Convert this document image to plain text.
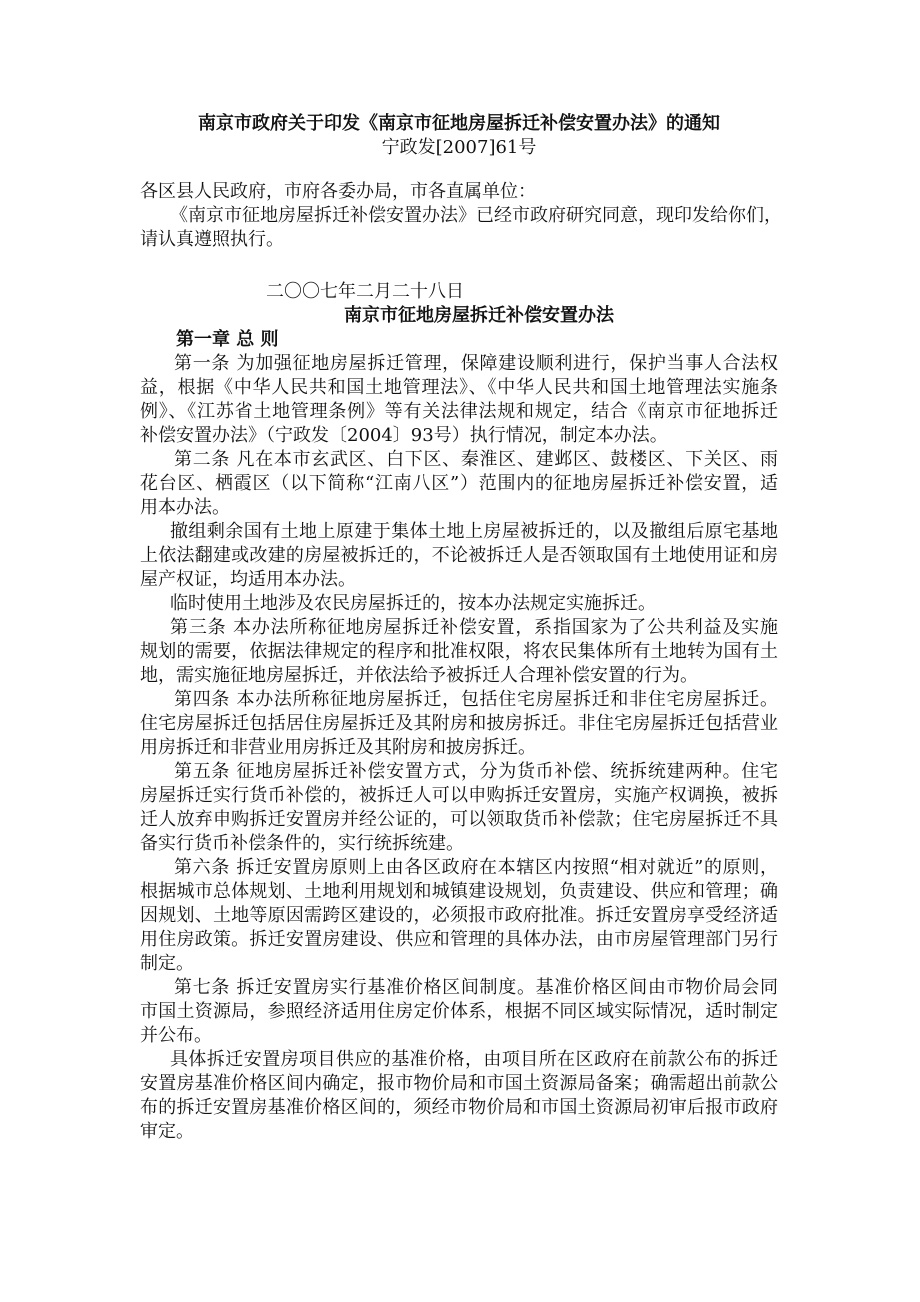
南京市政府关于印发《南京市征地房屋拆迁补偿安置办法》的通知
宁政发[2007]61号
各区县人民政府，市府各委办局，市各直属单位：
《南京市征地房屋拆迁补偿安置办法》已经市政府研究同意，现印发给你们，
请认真遵照执行。
二〇〇七年二月二十八日
南京市征地房屋拆迁补偿安置办法
第一章 总 则
第一条 为加强征地房屋拆迁管理，保障建设顺利进行，保护当事人合法权
益，根据《中华人民共和国土地管理法》、《中华人民共和国土地管理法实施条
例》、《江苏省土地管理条例》等有关法律法规和规定，结合《南京市征地拆迁
补偿安置办法》（宁政发〔2004〕93号）执行情况，制定本办法。
第二条 凡在本市玄武区、白下区、秦淮区、建邺区、鼓楼区、下关区、雨
花台区、栖霞区（以下简称“江南八区”）范围内的征地房屋拆迁补偿安置，适
用本办法。
撤组剩余国有土地上原建于集体土地上房屋被拆迁的，以及撤组后原宅基地
上依法翻建或改建的房屋被拆迁的，不论被拆迁人是否领取国有土地使用证和房
屋产权证，均适用本办法。
临时使用土地涉及农民房屋拆迁的，按本办法规定实施拆迁。
第三条 本办法所称征地房屋拆迁补偿安置，系指国家为了公共利益及实施
规划的需要，依据法律规定的程序和批准权限，将农民集体所有土地转为国有土
地，需实施征地房屋拆迁，并依法给予被拆迁人合理补偿安置的行为。
第四条 本办法所称征地房屋拆迁，包括住宅房屋拆迁和非住宅房屋拆迁。
住宅房屋拆迁包括居住房屋拆迁及其附房和披房拆迁。非住宅房屋拆迁包括营业
用房拆迁和非营业用房拆迁及其附房和披房拆迁。
第五条 征地房屋拆迁补偿安置方式，分为货币补偿、统拆统建两种。住宅
房屋拆迁实行货币补偿的，被拆迁人可以申购拆迁安置房，实施产权调换，被拆
迁人放弃申购拆迁安置房并经公证的，可以领取货币补偿款；住宅房屋拆迁不具
备实行货币补偿条件的，实行统拆统建。
第六条 拆迁安置房原则上由各区政府在本辖区内按照“相对就近”的原则，
根据城市总体规划、土地利用规划和城镇建设规划，负责建设、供应和管理；确
因规划、土地等原因需跨区建设的，必须报市政府批准。拆迁安置房享受经济适
用住房政策。拆迁安置房建设、供应和管理的具体办法，由市房屋管理部门另行
制定。
第七条 拆迁安置房实行基准价格区间制度。基准价格区间由市物价局会同
市国土资源局，参照经济适用住房定价体系，根据不同区域实际情况，适时制定
并公布。
具体拆迁安置房项目供应的基准价格，由项目所在区政府在前款公布的拆迁
安置房基准价格区间内确定，报市物价局和市国土资源局备案；确需超出前款公
布的拆迁安置房基准价格区间的，须经市物价局和市国土资源局初审后报市政府
审定。
